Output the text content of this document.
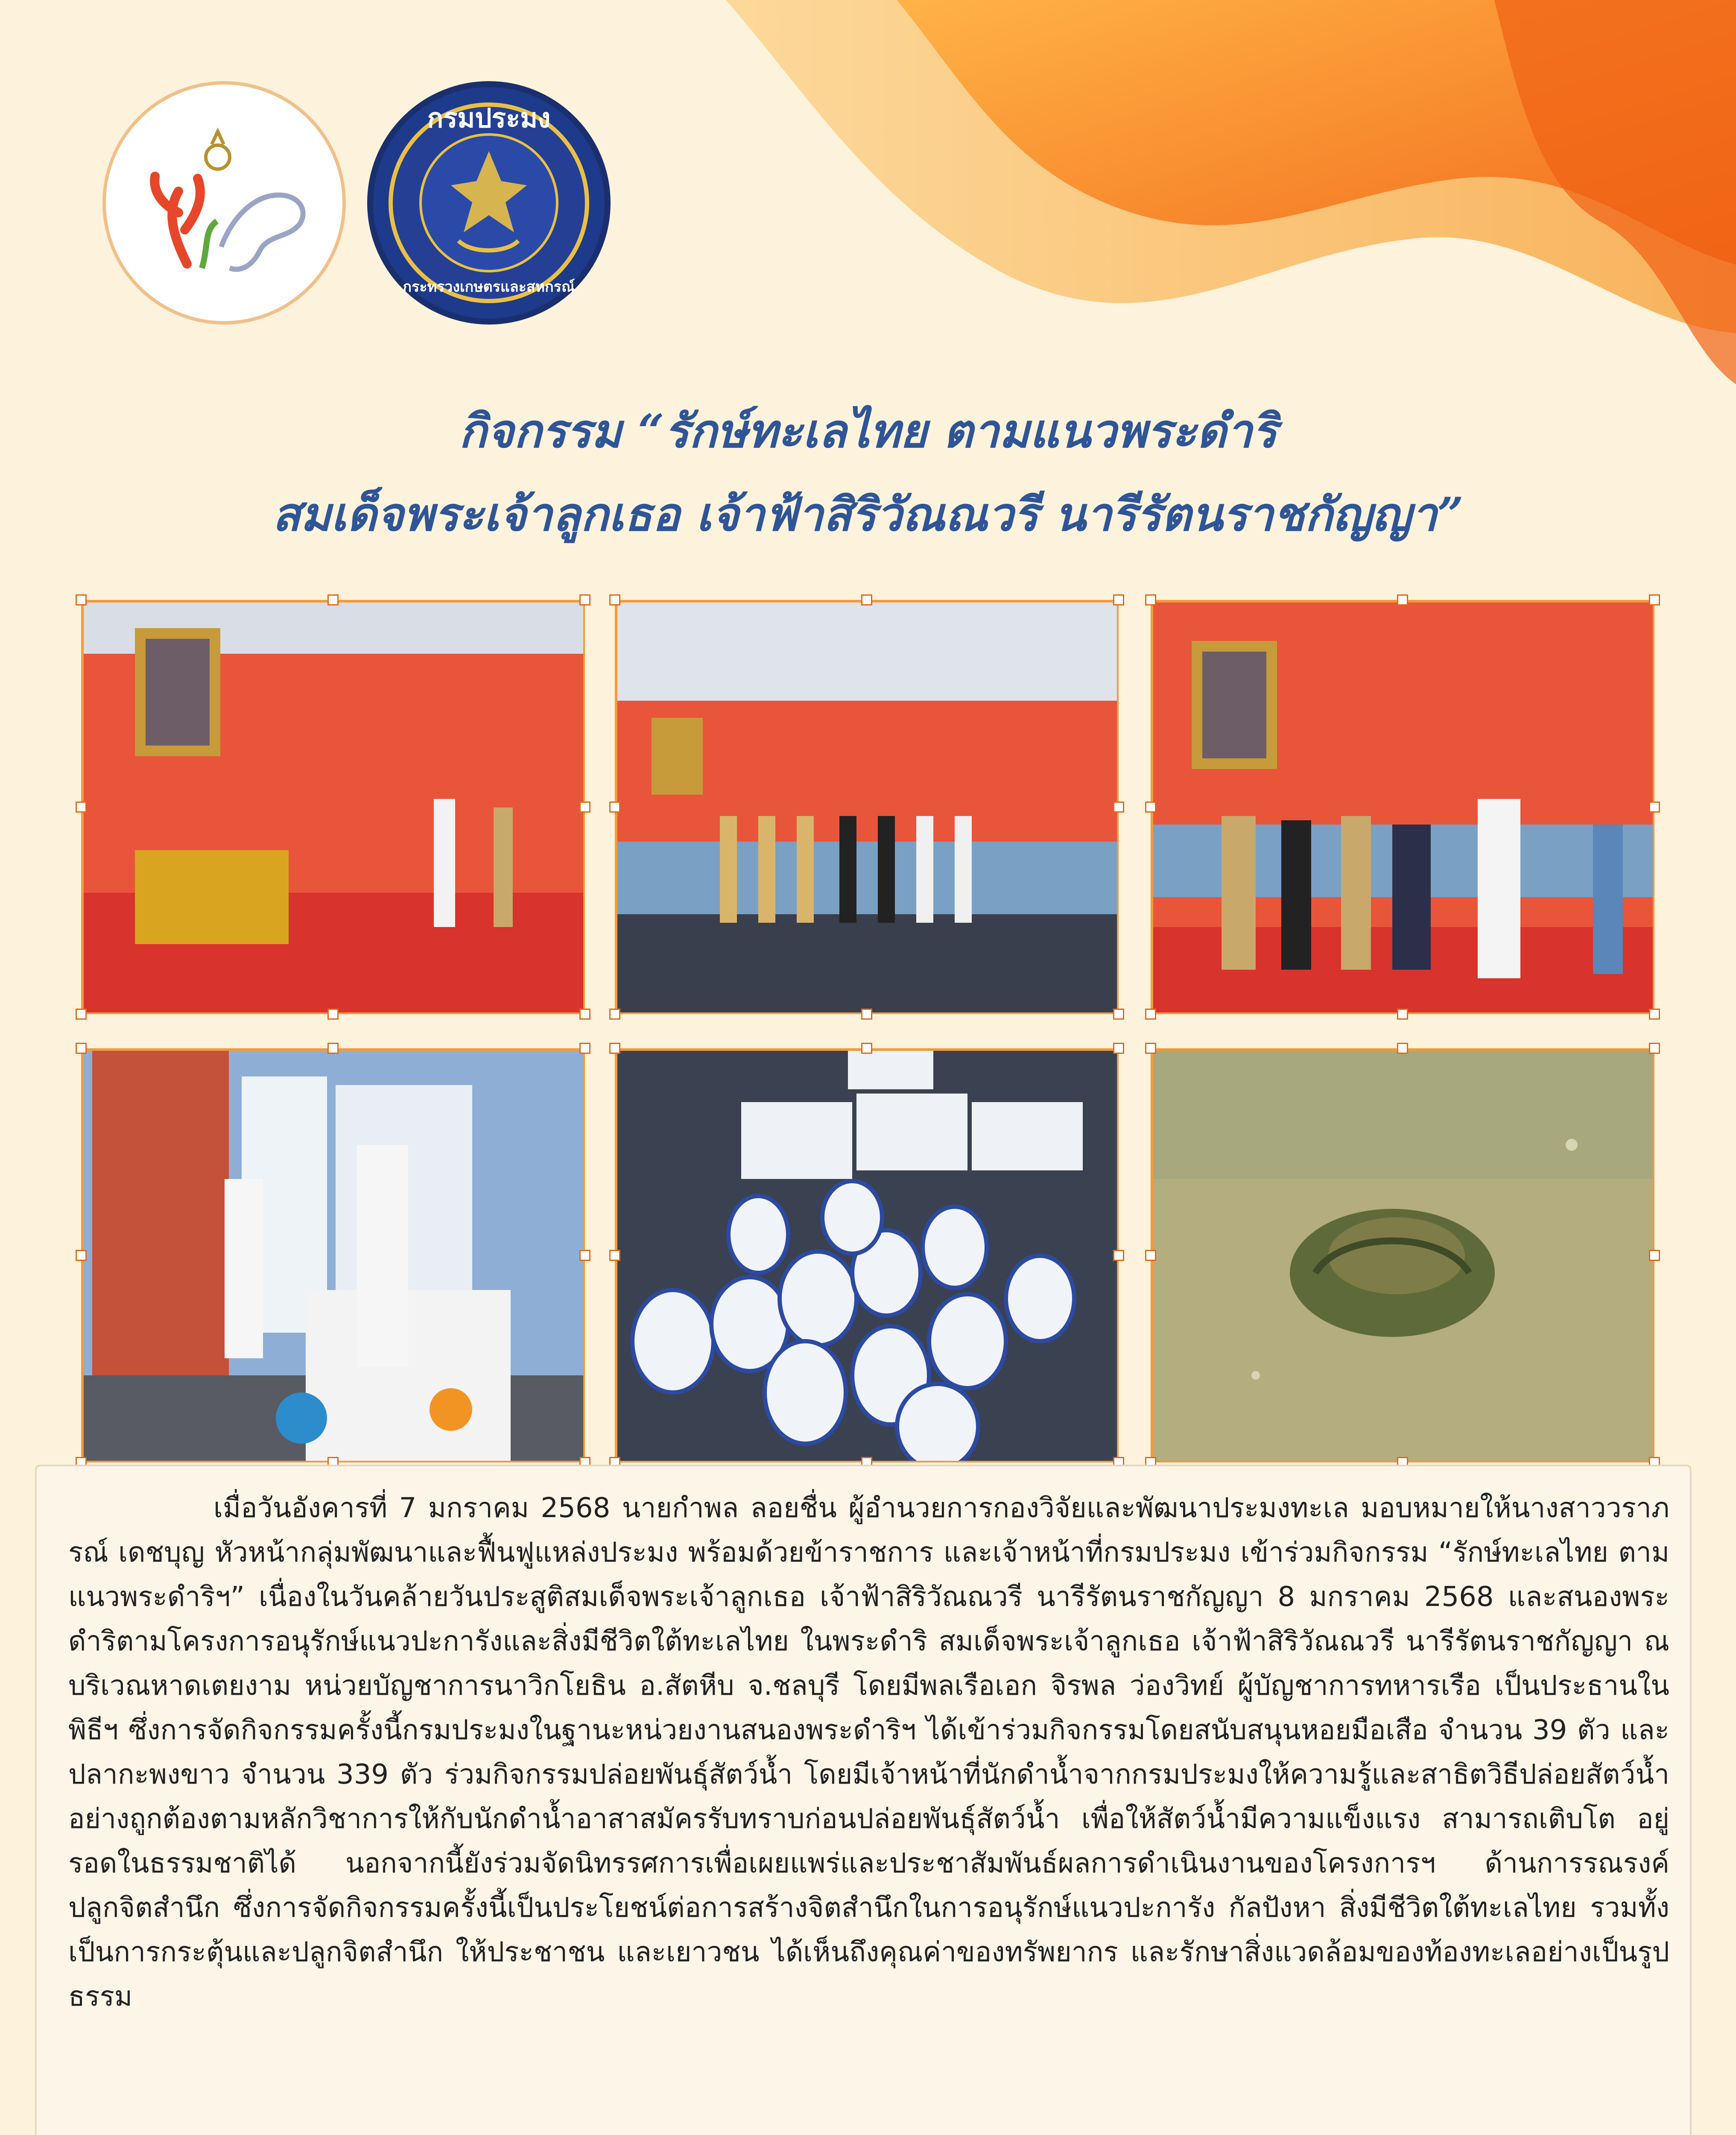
กรมประมง
กระทรวงเกษตรและสหกรณ์
กิจกรรม “รักษ์ทะเลไทย ตามแนวพระดำริ
สมเด็จพระเจ้าลูกเธอ เจ้าฟ้าสิริวัณณวรี นารีรัตนราชกัญญา”

เมื่อวันอังคารที่ 7 มกราคม 2568 นายกำพล ลอยชื่น ผู้อำนวยการกองวิจัยและพัฒนาประมงทะเล มอบหมายให้นางสาววราภรณ์ เดชบุญ หัวหน้ากลุ่มพัฒนาและฟื้นฟูแหล่งประมง พร้อมด้วยข้าราชการ และเจ้าหน้าที่กรมประมง เข้าร่วมกิจกรรม “รักษ์ทะเลไทย ตามแนวพระดำริฯ” เนื่องในวันคล้ายวันประสูติสมเด็จพระเจ้าลูกเธอ เจ้าฟ้าสิริวัณณวรี นารีรัตนราชกัญญา 8 มกราคม 2568 และสนองพระดำริตามโครงการอนุรักษ์แนวปะการังและสิ่งมีชีวิตใต้ทะเลไทย ในพระดำริ สมเด็จพระเจ้าลูกเธอ เจ้าฟ้าสิริวัณณวรี นารีรัตนราชกัญญา ณ บริเวณหาดเตยงาม หน่วยบัญชาการนาวิกโยธิน อ.สัตหีบ จ.ชลบุรี โดยมีพลเรือเอก จิรพล ว่องวิทย์ ผู้บัญชาการทหารเรือ เป็นประธานในพิธีฯ ซึ่งการจัดกิจกรรมครั้งนี้กรมประมงในฐานะหน่วยงานสนองพระดำริฯ ได้เข้าร่วมกิจกรรมโดยสนับสนุนหอยมือเสือ จำนวน 39 ตัว และปลากะพงขาว จำนวน 339 ตัว ร่วมกิจกรรมปล่อยพันธุ์สัตว์น้ำ โดยมีเจ้าหน้าที่นักดำน้ำจากกรมประมงให้ความรู้และสาธิตวิธีปล่อยสัตว์น้ำอย่างถูกต้องตามหลักวิชาการให้กับนักดำน้ำอาสาสมัครรับทราบก่อนปล่อยพันธุ์สัตว์น้ำ เพื่อให้สัตว์น้ำมีความแข็งแรง สามารถเติบโต อยู่รอดในธรรมชาติได้ นอกจากนี้ยังร่วมจัดนิทรรศการเพื่อเผยแพร่และประชาสัมพันธ์ผลการดำเนินงานของโครงการฯ ด้านการรณรงค์ ปลูกจิตสำนึก ซึ่งการจัดกิจกรรมครั้งนี้เป็นประโยชน์ต่อการสร้างจิตสำนึกในการอนุรักษ์แนวปะการัง กัลปังหา สิ่งมีชีวิตใต้ทะเลไทย รวมทั้งเป็นการกระตุ้นและปลูกจิตสำนึก ให้ประชาชน และเยาวชน ได้เห็นถึงคุณค่าของทรัพยากร และรักษาสิ่งแวดล้อมของท้องทะเลอย่างเป็นรูปธรรม
